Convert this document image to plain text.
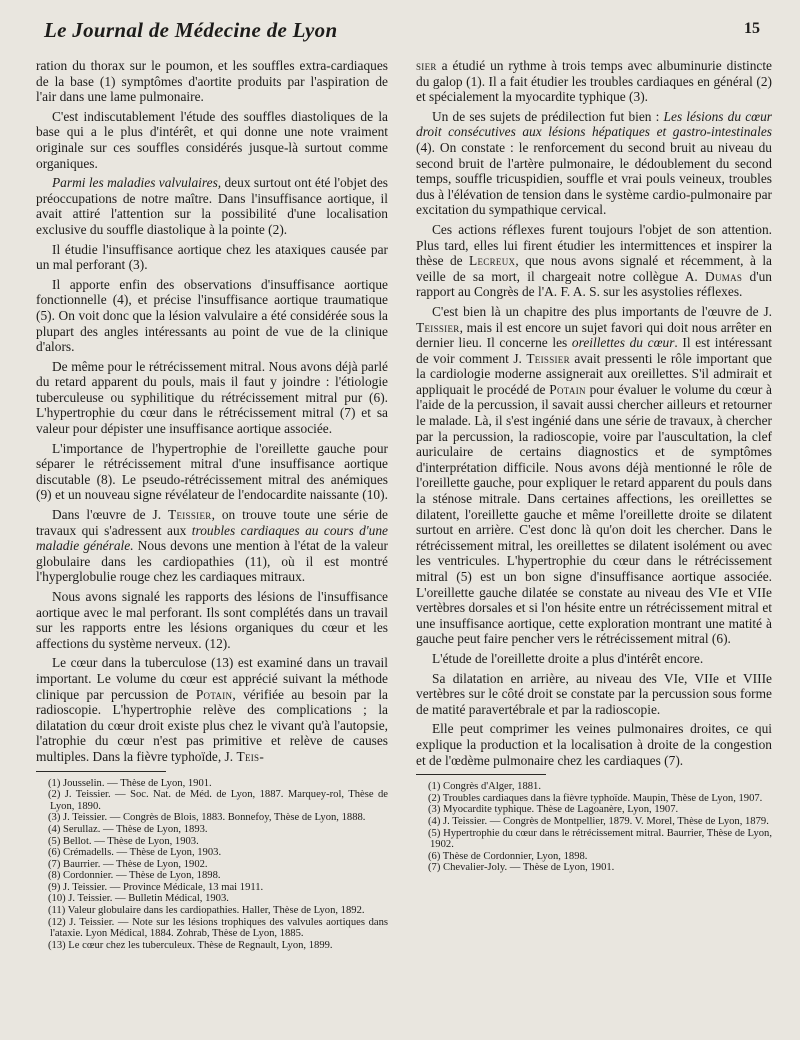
Le Journal de Médecine de Lyon	15

ration du thorax sur le poumon, et les souffles extra-cardiaques de la base (1) symptômes d'aortite produits par l'aspiration de l'air dans une lame pulmonaire.

C'est indiscutablement l'étude des souffles diastoliques de la base qui a le plus d'intérêt, et qui donne une note vraiment originale sur ces souffles considérés jusque-là surtout comme organiques.

Parmi les maladies valvulaires, deux surtout ont été l'objet des préoccupations de notre maître. Dans l'insuffisance aortique, il avait attiré l'attention sur la possibilité d'une localisation exclusive du souffle diastolique à la pointe (2).

Il étudie l'insuffisance aortique chez les ataxiques causée par un mal perforant (3).

Il apporte enfin des observations d'insuffisance aortique fonctionnelle (4), et précise l'insuffisance aortique traumatique (5). On voit donc que la lésion valvulaire a été considérée sous la plupart des angles intéressants au point de vue de la clinique d'alors.

De même pour le rétrécissement mitral. Nous avons déjà parlé du retard apparent du pouls, mais il faut y joindre : l'étiologie tuberculeuse ou syphilitique du rétrécissement mitral pur (6). L'hypertrophie du cœur dans le rétrécissement mitral (7) et sa valeur pour dépister une insuffisance aortique associée.

L'importance de l'hypertrophie de l'oreillette gauche pour séparer le rétrécissement mitral d'une insuffisance aortique discutable (8). Le pseudo-rétrécissement mitral des anémiques (9) et un nouveau signe révélateur de l'endocardite naissante (10).

Dans l'œuvre de J. Teissier, on trouve toute une série de travaux qui s'adressent aux troubles cardiaques au cours d'une maladie générale. Nous devons une mention à l'état de la valeur globulaire dans les cardiopathies (11), où il est montré l'hyperglobulie rouge chez les cardiaques mitraux.

Nous avons signalé les rapports des lésions de l'insuffisance aortique avec le mal perforant. Ils sont complétés dans un travail sur les rapports entre les lésions organiques du cœur et les affections du système nerveux. (12).

Le cœur dans la tuberculose (13) est examiné dans un travail important. Le volume du cœur est apprécié suivant la méthode clinique par percussion de Potain, vérifiée au besoin par la radioscopie. L'hypertrophie relève des complications ; la dilatation du cœur droit existe plus chez le vivant qu'à l'autopsie, l'atrophie du cœur n'est pas primitive et relève de causes multiples. Dans la fièvre typhoïde, J. Teis-

(1) Jousselin. — Thèse de Lyon, 1901.
(2) J. Teissier. — Soc. Nat. de Méd. de Lyon, 1887. Marquey-rol, Thèse de Lyon, 1890.
(3) J. Teissier. — Congrès de Blois, 1883. Bonnefoy, Thèse de Lyon, 1888.
(4) Serullaz. — Thèse de Lyon, 1893.
(5) Bellot. — Thèse de Lyon, 1903.
(6) Crémadells. — Thèse de Lyon, 1903.
(7) Baurrier. — Thèse de Lyon, 1902.
(8) Cordonnier. — Thèse de Lyon, 1898.
(9) J. Teissier. — Province Médicale, 13 mai 1911.
(10) J. Teissier. — Bulletin Médical, 1903.
(11) Valeur globulaire dans les cardiopathies. Haller, Thèse de Lyon, 1892.
(12) J. Teissier. — Note sur les lésions trophiques des valvules aortiques dans l'ataxie. Lyon Médical, 1884. Zohrab, Thèse de Lyon, 1885.
(13) Le cœur chez les tuberculeux. Thèse de Regnault, Lyon, 1899.

sier a étudié un rythme à trois temps avec albuminurie distincte du galop (1). Il a fait étudier les troubles cardiaques en général (2) et spécialement la myocardite typhique (3).

Un de ses sujets de prédilection fut bien : Les lésions du cœur droit consécutives aux lésions hépatiques et gastro-intestinales (4). On constate : le renforcement du second bruit au niveau du second bruit de l'artère pulmonaire, le dédoublement du second temps, souffle tricuspidien, souffle et vrai pouls veineux, troubles dus à l'élévation de tension dans le système cardio-pulmonaire par excitation du sympathique cervical.

Ces actions réflexes furent toujours l'objet de son attention. Plus tard, elles lui firent étudier les intermittences et inspirer la thèse de Lecreux, que nous avons signalé et récemment, à la veille de sa mort, il chargeait notre collègue A. Dumas d'un rapport au Congrès de l'A. F. A. S. sur les asystolies réflexes.

C'est bien là un chapitre des plus importants de l'œuvre de J. Teissier, mais il est encore un sujet favori qui doit nous arrêter en dernier lieu. Il concerne les oreillettes du cœur. Il est intéressant de voir comment J. Teissier avait pressenti le rôle important que la cardiologie moderne assignerait aux oreillettes. S'il admirait et appliquait le procédé de Potain pour évaluer le volume du cœur à l'aide de la percussion, il savait aussi chercher ailleurs et retourner le malade. Là, il s'est ingénié dans une série de travaux, à chercher par la percussion, la radioscopie, voire par l'auscultation, la clef auriculaire de certains diagnostics et de symptômes d'interprétation difficile. Nous avons déjà mentionné le rôle de l'oreillette gauche, pour expliquer le retard apparent du pouls dans la sténose mitrale. Dans certaines affections, les oreillettes se dilatent, l'oreillette gauche et même l'oreillette droite se dilatent surtout en arrière. C'est donc là qu'on doit les chercher. Dans le rétrécissement mitral, les oreillettes se dilatent isolément ou avec les ventricules. L'hypertrophie du cœur dans le rétrécissement mitral (5) est un bon signe d'insuffisance aortique associée. L'oreillette gauche dilatée se constate au niveau des VIe et VIIe vertèbres dorsales et si l'on hésite entre un rétrécissement mitral et une insuffisance aortique, cette exploration montrant une matité à gauche peut faire pencher vers le rétrécissement mitral (6).

L'étude de l'oreillette droite a plus d'intérêt encore.

Sa dilatation en arrière, au niveau des VIe, VIIe et VIIIe vertèbres sur le côté droit se constate par la percussion sous forme de matité paravertébrale et par la radioscopie.

Elle peut comprimer les veines pulmonaires droites, ce qui explique la production et la localisation à droite de la congestion et de l'œdème pulmonaire chez les cardiaques (7).

(1) Congrès d'Alger, 1881.
(2) Troubles cardiaques dans la fièvre typhoïde. Maupin, Thèse de Lyon, 1907.
(3) Myocardite typhique. Thèse de Lagoanère, Lyon, 1907.
(4) J. Teissier. — Congrès de Montpellier, 1879. V. Morel, Thèse de Lyon, 1879.
(5) Hypertrophie du cœur dans le rétrécissement mitral. Baurrier, Thèse de Lyon, 1902.
(6) Thèse de Cordonnier, Lyon, 1898.
(7) Chevalier-Joly. — Thèse de Lyon, 1901.
